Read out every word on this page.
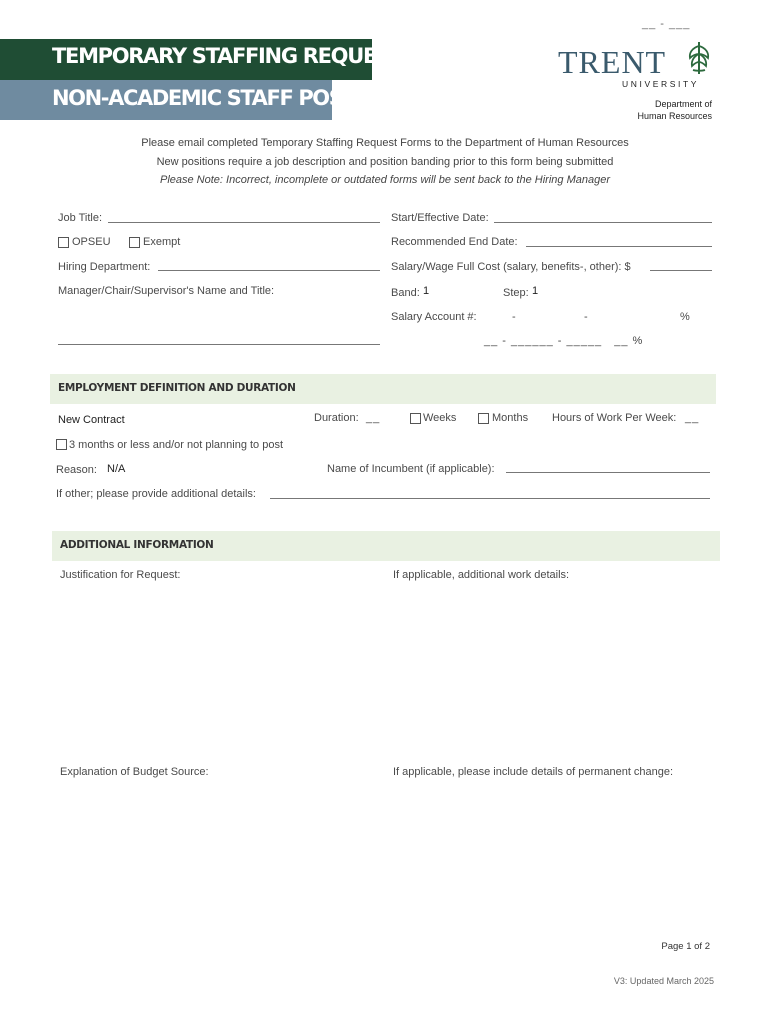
__ - ___
TEMPORARY STAFFING REQUEST FORM
NON-ACADEMIC STAFF POSITIONS
TRENT
UNIVERSITY
Department of
Human Resources
Please email completed Temporary Staffing Request Forms to the Department of Human Resources
New positions require a job description and position banding prior to this form being submitted
Please Note: Incorrect, incomplete or outdated forms will be sent back to the Hiring Manager
Job Title:	Start/Effective Date:
OPSEU	Exempt	Recommended End Date:
Hiring Department:	Salary/Wage Full Cost (salary, benefits-, other): $
Manager/Chair/Supervisor's Name and Title:	Band: 1	Step: 1
Salary Account #:	-	-	%
__ - ______ - _____   __ %
EMPLOYMENT DEFINITION AND DURATION
New Contract	Duration: __	Weeks	Months Hours of Work Per Week: __
3 months or less and/or not planning to post
Reason: N/A	Name of Incumbent (if applicable):
If other; please provide additional details:
ADDITIONAL INFORMATION
Justification for Request:	If applicable, additional work details:
Explanation of Budget Source:	If applicable, please include details of permanent change:
Page 1 of 2
V3: Updated March 2025
